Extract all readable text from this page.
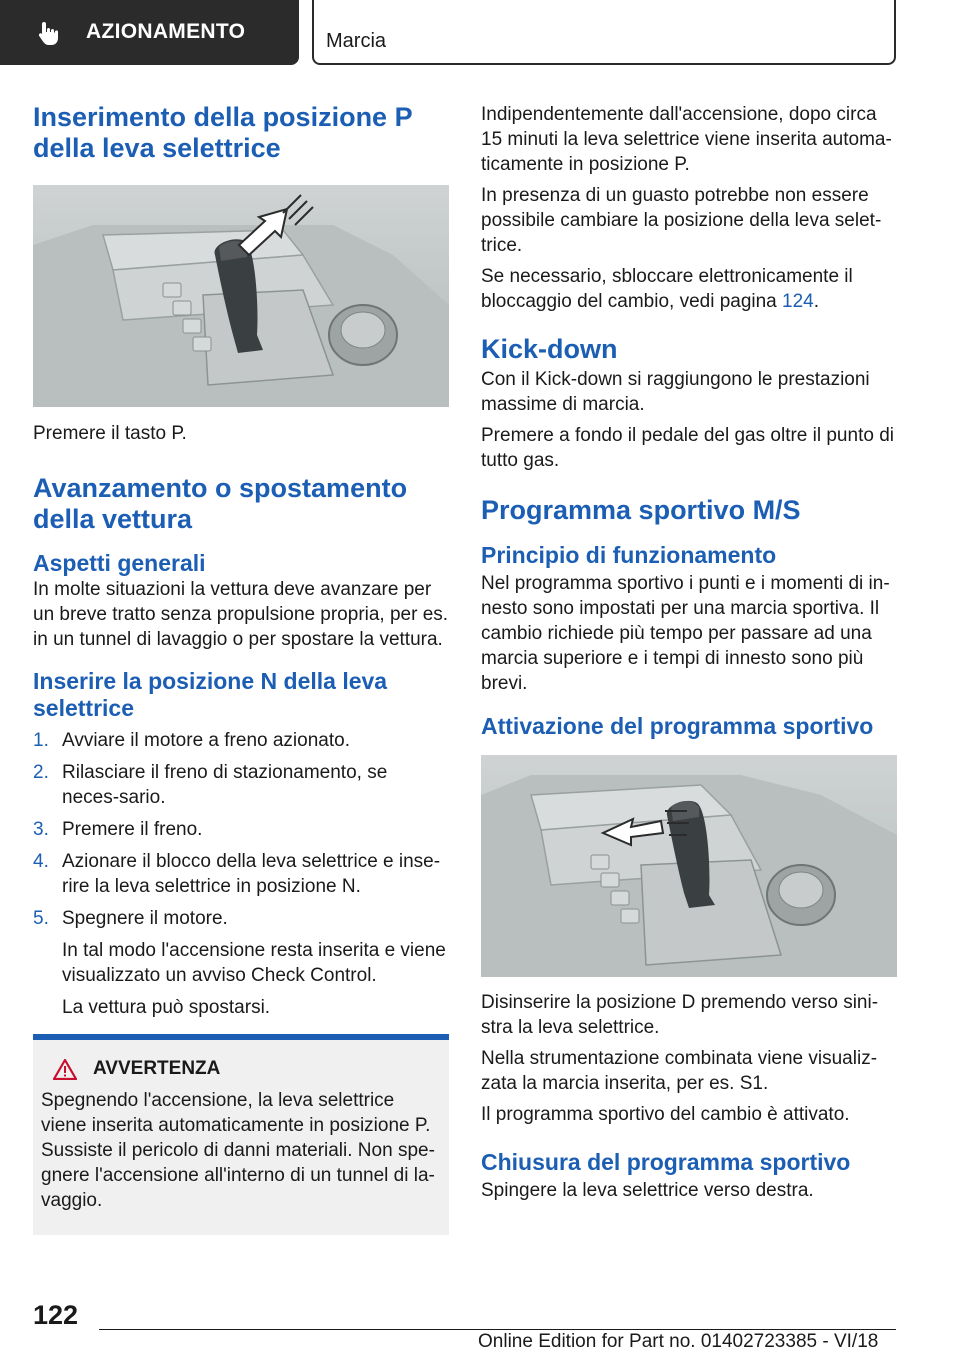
AZIONAMENTO	Marcia
Inserimento della posizione P della leva selettrice

Premere il tasto P.

Avanzamento o spostamento della vettura
Aspetti generali

In molte situazioni la vettura deve avanzare per un breve tratto senza propulsione propria, per es. in un tunnel di lavaggio o per spostare la vettura.

Inserire la posizione N della leva selettrice
1. Avviare il motore a freno azionato.
2. Rilasciare il freno di stazionamento, se neces-sario.
3. Premere il freno.
4. Azionare il blocco della leva selettrice e inse-rire la leva selettrice in posizione N.
5. Spegnere il motore.
In tal modo l'accensione resta inserita e viene visualizzato un avviso Check Control.
La vettura può spostarsi.
AVVERTENZA

Spegnendo l'accensione, la leva selettrice viene inserita automaticamente in posizione P. Sussiste il pericolo di danni materiali. Non spe-gnere l'accensione all'interno di un tunnel di la-vaggio.

Indipendentemente dall'accensione, dopo circa 15 minuti la leva selettrice viene inserita automa-ticamente in posizione P.

In presenza di un guasto potrebbe non essere possibile cambiare la posizione della leva selet-trice.

Se necessario, sbloccare elettronicamente il bloccaggio del cambio, vedi pagina 124.

Kick-down

Con il Kick-down si raggiungono le prestazioni massime di marcia.

Premere a fondo il pedale del gas oltre il punto di tutto gas.

Programma sportivo M/S
Principio di funzionamento

Nel programma sportivo i punti e i momenti di in-nesto sono impostati per una marcia sportiva. Il cambio richiede più tempo per passare ad una marcia superiore e i tempi di innesto sono più brevi.

Attivazione del programma sportivo

Disinserire la posizione D premendo verso sini-stra la leva selettrice.

Nella strumentazione combinata viene visualiz-zata la marcia inserita, per es. S1.

Il programma sportivo del cambio è attivato.

Chiusura del programma sportivo

Spingere la leva selettrice verso destra.

122
Online Edition for Part no. 01402723385 - VI/18
